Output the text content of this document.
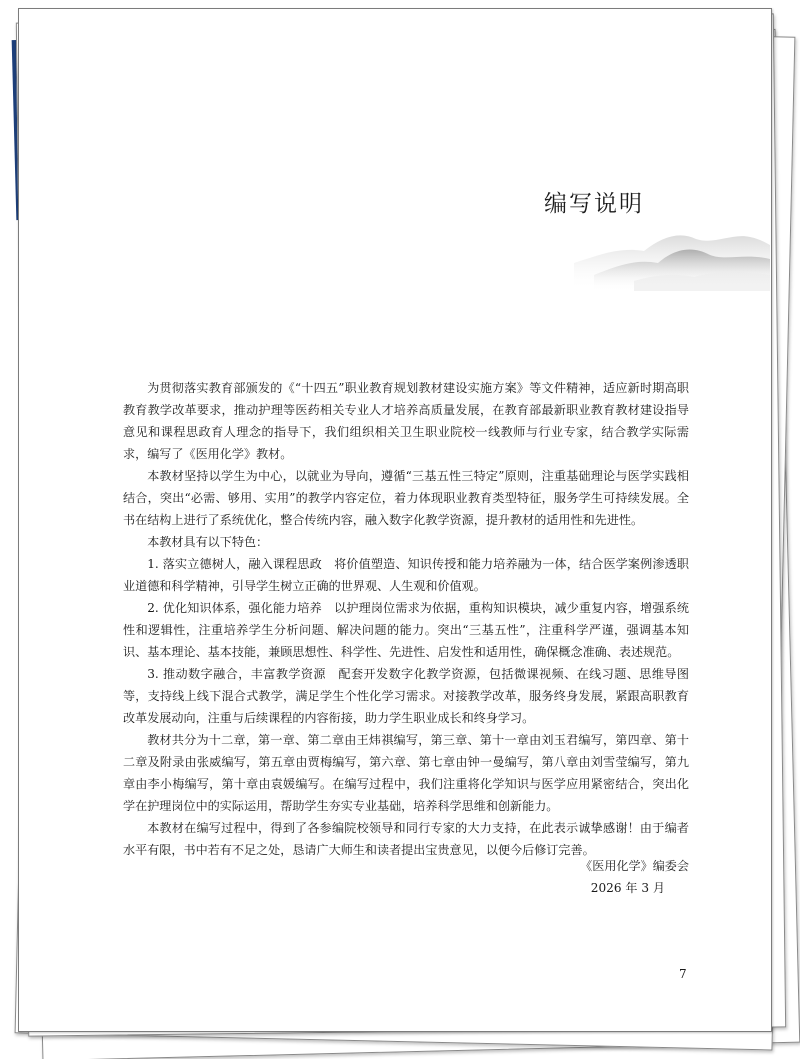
编写说明

为贯彻落实教育部颁发的《“十四五”职业教育规划教材建设实施方案》等文件精神，适应新时期高职教育教学改革要求，推动护理等医药相关专业人才培养高质量发展，在教育部最新职业教育教材建设指导意见和课程思政育人理念的指导下，我们组织相关卫生职业院校一线教师与行业专家，结合教学实际需求，编写了《医用化学》教材。

本教材坚持以学生为中心，以就业为导向，遵循“三基五性三特定”原则，注重基础理论与医学实践相结合，突出“必需、够用、实用”的教学内容定位，着力体现职业教育类型特征，服务学生可持续发展。全书在结构上进行了系统优化，整合传统内容，融入数字化教学资源，提升教材的适用性和先进性。

本教材具有以下特色：

1. 落实立德树人，融入课程思政　将价值塑造、知识传授和能力培养融为一体，结合医学案例渗透职业道德和科学精神，引导学生树立正确的世界观、人生观和价值观。

2. 优化知识体系，强化能力培养　以护理岗位需求为依据，重构知识模块，减少重复内容，增强系统性和逻辑性，注重培养学生分析问题、解决问题的能力。突出“三基五性”，注重科学严谨，强调基本知识、基本理论、基本技能，兼顾思想性、科学性、先进性、启发性和适用性，确保概念准确、表述规范。

3. 推动数字融合，丰富教学资源　配套开发数字化教学资源，包括微课视频、在线习题、思维导图等，支持线上线下混合式教学，满足学生个性化学习需求。对接教学改革，服务终身发展，紧跟高职教育改革发展动向，注重与后续课程的内容衔接，助力学生职业成长和终身学习。

教材共分为十二章，第一章、第二章由王炜祺编写，第三章、第十一章由刘玉君编写，第四章、第十二章及附录由张威编写，第五章由贾梅编写，第六章、第七章由钟一曼编写，第八章由刘雪莹编写，第九章由李小梅编写，第十章由袁媛编写。在编写过程中，我们注重将化学知识与医学应用紧密结合，突出化学在护理岗位中的实际运用，帮助学生夯实专业基础，培养科学思维和创新能力。

本教材在编写过程中，得到了各参编院校领导和同行专家的大力支持，在此表示诚挚感谢！由于编者水平有限，书中若有不足之处，恳请广大师生和读者提出宝贵意见，以便今后修订完善。

《医用化学》编委会
2026 年 3 月
7
